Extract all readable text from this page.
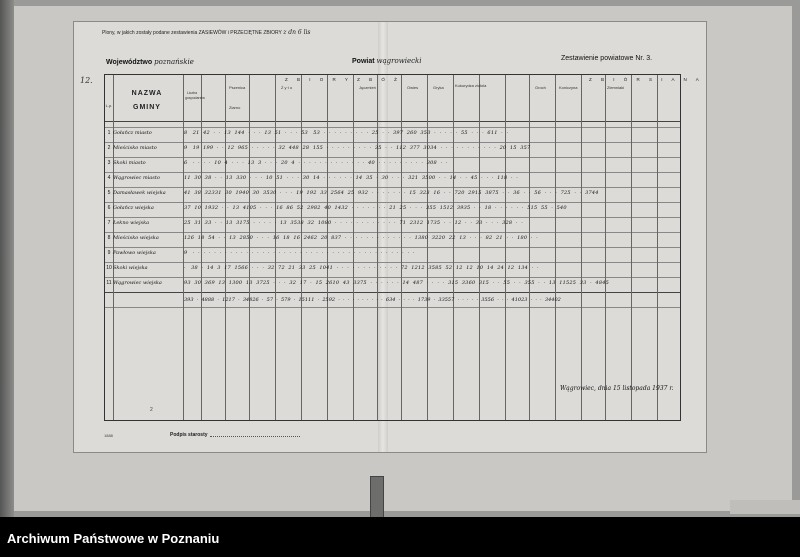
Plony, w jakich zostały podane zestawienia ZASIEWÓW i PRZECIĘTNE ZBIORY z dn 6 lis
Województwo poznańskie	Powiat wągrowiecki	Zestawienie powiatowe Nr. 3.
L.p.
NAZWA GMINY
Liczba gospodarstw
Z B I O R Y Z B Ó Ż	Z B I Ó R S I A N A
Pszenica	Ż y t o	Jęczmień	Owies	Gryka	Kukurydza ziołola	Groch	Koniczyna	Ziemniaki
Ziarno
1 Gołańcz miasto	8   21  42  ·  ·  13  144  ·  ·  ·  13  51  ·  ·  ·  53   53  ·  ·  ·  ·  ·  ·  ·  ·  ·  25  ·  ·  397  260  353  ·  ·  ·  ·  ·  55  ·  ·  ·  611  ·  ·
2 Mieścisko miasto	9   19  199  ·  ·  12  965  ·  ·  ·  ·  ·  32  448  28  155  ·  ·  ·  ·  ·  ·  ·  ·  ·  35  ·  ·  112  377  3034  ·  ·  ·  ·  ·  ·  ·  ·  ·  ·  ·  20  15  357
3 Skoki miasto	6   ·  ·  ·  ·  10  4  ·  ·  ·  13  3  ·  ·  ·  20  4  ·  ·  ·  ·  ·  ·  ·  ·  ·  ·  ·  ·  ·  40  ·  ·  ·  ·  ·  ·  ·  ·  ·  308  ·  ·
4 Wągrowiec miasto	11  30  38  ·  ·  13  330  ·  ·  ·  10  51  ·  ·  ·  30  14  ·  ·  ·  ·  ·  ·  14  35  ·  30  ·  ·  ·  321  3500  ·  ·  14  ·  ·  45  ·  ·  ·  118  ·  ·
5 Damasławek wiejska	41  38  32331  30  1940  30  3530  ·  ·  ·  19  192  33  2564  25  932  ·  ·  ·  ·  ·  ·  ·  15  323  16  ·  ·  720  2915  3875  ·  ·  36  ·  ·  56  ·  ·  ·  725  ·  ·  3744
6 Gołańcz wiejska	37  10  1932  ·  ·  13  4105  ·  ·  ·  16  86  52  2982  40  1432  ·  ·  ·  ·  ·  ·  ·  21  25  ·  ·  ·  355  1512  3935  ·  ·  18  ·  ·  ·  ·  ·  ·  515  55  ·  540
7 Łekno wiejska	25  31  33  ·  ·  13  3175  ·  ·  ·  ·  ·  13  3538  32  1080  ·  ·  ·  ·  ·  ·  ·  ·  ·  ·  ·  ·  71  2312  1735  ·  ·  12  ·  ·  33  ·  ·  ·  328  ·  ·
8 Mieścisko wiejska	126  18  54  ·  ·  13  2850  ·  ·  ·  16  18  16  2462  20  837  ·  ·  ·  ·  ·  ·  ·  ·  ·  ·  ·  ·  ·  1380  3220  22  13  ·  ·  ·  82  21  ·  ·  180  ·  ·
9 Pawłowo wiejska	9   ·  ·  ·  ·  ·  ·  ·  ·  ·  ·  ·  ·  ·  ·  ·  ·  ·  ·  ·  ·  ·  ·  ·  ·  ·  ·  ·  ·  ·  ·  ·  ·  ·  ·  ·  ·  ·  ·  ·  ·  ·  ·
10 Skoki wiejska	·   38  ·  14  3  17  1566  ·  ·  ·  32  72  21  33  25  1041  ·  ·  ·  ·  ·  ·  ·  ·  ·  ·  ·  ·  72  1212  3585  52  12  12  10  14  24  12  134  ·  ·
11 Wągrowiec wiejska	93  30  369  13  1300  13  3725  ·  ·  ·  32  17  ·  15  2610  43  3375  ·  ·  ·  ·  ·  ·  14  487  ·  ·  ·  ·  315  3360  315  ·  ·  55  ·  ·  355  ·  ·  13  11525  33  ·  4845
393  ·  4888  ·  1217  ·  34826  ·  57  ·  579  ·  15111  ·  2592  ·  ·  ·  ·  ·  ·  ·  ·  ·  ·  634  ·  ·  ·  ·  1739  ·  33557  ·  ·  ·  ·  ·  3556  ·  ·  ·  41023  ·  ·  ·  34402
Wągrowiec, dnia 15 listopada 1937 r.
2
1888	Podpis starosty
12.
Archiwum Państwowe w Poznaniu
